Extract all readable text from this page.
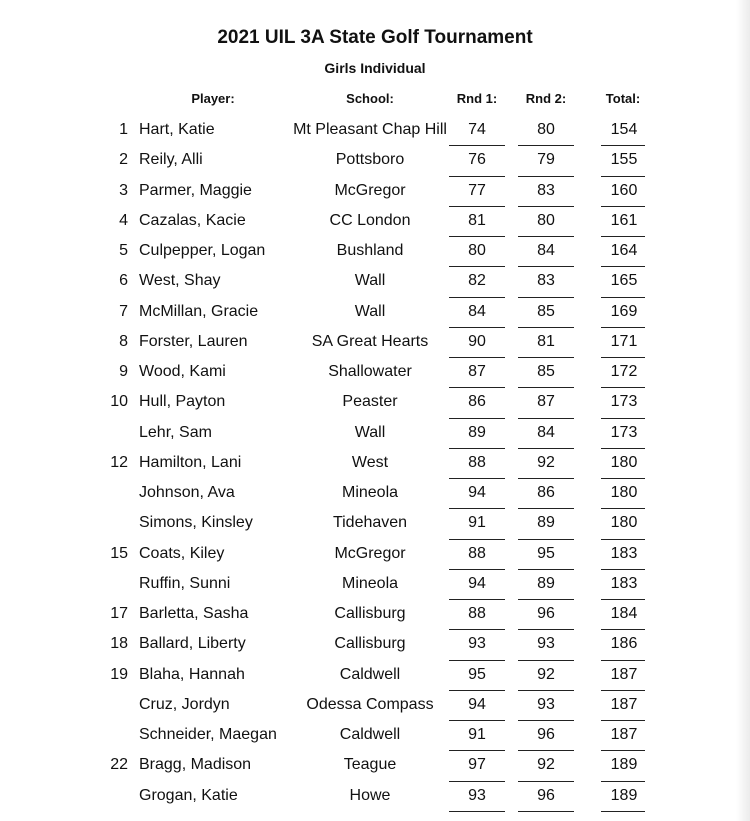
2021 UIL 3A State Golf Tournament
Girls Individual
Player:	School:	Rnd 1:	Rnd 2:	Total:
1 Hart, Katie	Mt Pleasant Chap Hill	74	80	154
2 Reily, Alli	Pottsboro	76	79	155
3 Parmer, Maggie	McGregor	77	83	160
4 Cazalas, Kacie	CC London	81	80	161
5 Culpepper, Logan	Bushland	80	84	164
6 West, Shay	Wall	82	83	165
7 McMillan, Gracie	Wall	84	85	169
8 Forster, Lauren	SA Great Hearts	90	81	171
9 Wood, Kami	Shallowater	87	85	172
10 Hull, Payton	Peaster	86	87	173
Lehr, Sam	Wall	89	84	173
12 Hamilton, Lani	West	88	92	180
Johnson, Ava	Mineola	94	86	180
Simons, Kinsley	Tidehaven	91	89	180
15 Coats, Kiley	McGregor	88	95	183
Ruffin, Sunni	Mineola	94	89	183
17 Barletta, Sasha	Callisburg	88	96	184
18 Ballard, Liberty	Callisburg	93	93	186
19 Blaha, Hannah	Caldwell	95	92	187
Cruz, Jordyn	Odessa Compass	94	93	187
Schneider, Maegan	Caldwell	91	96	187
22 Bragg, Madison	Teague	97	92	189
Grogan, Katie	Howe	93	96	189
